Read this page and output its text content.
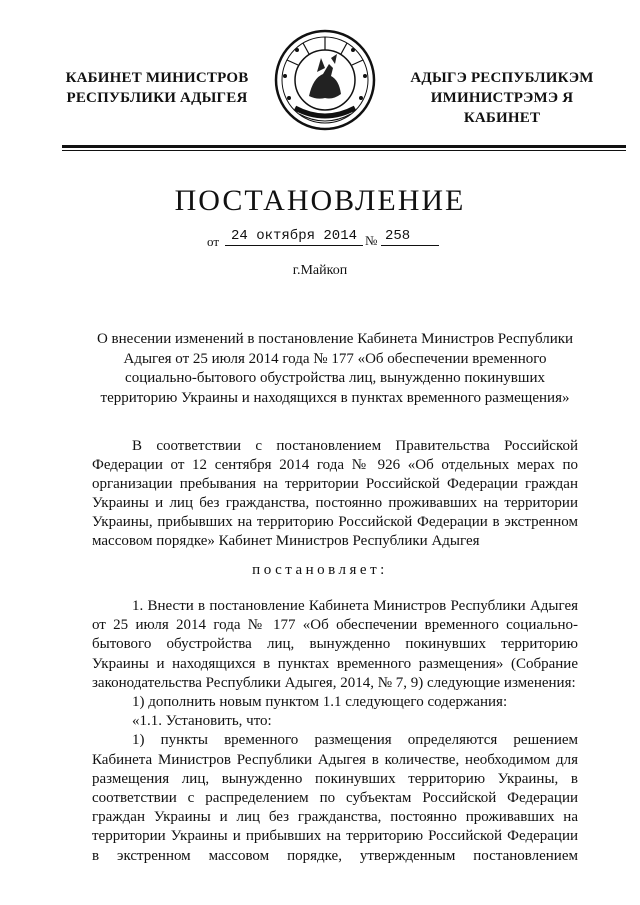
КАБИНЕТ МИНИСТРОВ
РЕСПУБЛИКИ АДЫГЕЯ
АДЫГЭ РЕСПУБЛИКЭМ
ИМИНИСТРЭМЭ Я КАБИНЕТ
ПОСТАНОВЛЕНИЕ
от 24 октября 2014 № 258
г.Майкоп
О внесении изменений в постановление Кабинета Министров Республики Адыгея от 25 июля 2014 года № 177 «Об обеспечении временного социально-бытового обустройства лиц, вынужденно покинувших территорию Украины и находящихся в пунктах временного размещения»
В соответствии с постановлением Правительства Российской Федерации от 12 сентября 2014 года № 926 «Об отдельных мерах по организации пребывания на территории Российской Федерации граждан Украины и лиц без гражданства, постоянно проживавших на территории Украины, прибывших на территорию Российской Федерации в экстренном массовом порядке» Кабинет Министров Республики Адыгея
постановляет:

1. Внести в постановление Кабинета Министров Республики Адыгея от 25 июля 2014 года № 177 «Об обеспечении временного социально-бытового обустройства лиц, вынужденно покинувших территорию Украины и находящихся в пунктах временного размещения» (Собрание законодательства Республики Адыгея, 2014, № 7, 9) следующие изменения:

1) дополнить новым пунктом 1.1 следующего содержания:

«1.1. Установить, что:

1) пункты временного размещения определяются решением Кабинета Министров Республики Адыгея в количестве, необходимом для размещения лиц, вынужденно покинувших территорию Украины, в соответствии с распределением по субъектам Российской Федерации граждан Украины и лиц без гражданства, постоянно проживавших на территории Украины и прибывших на территорию Российской Федерации в экстренном массовом порядке, утвержденным постановлением
